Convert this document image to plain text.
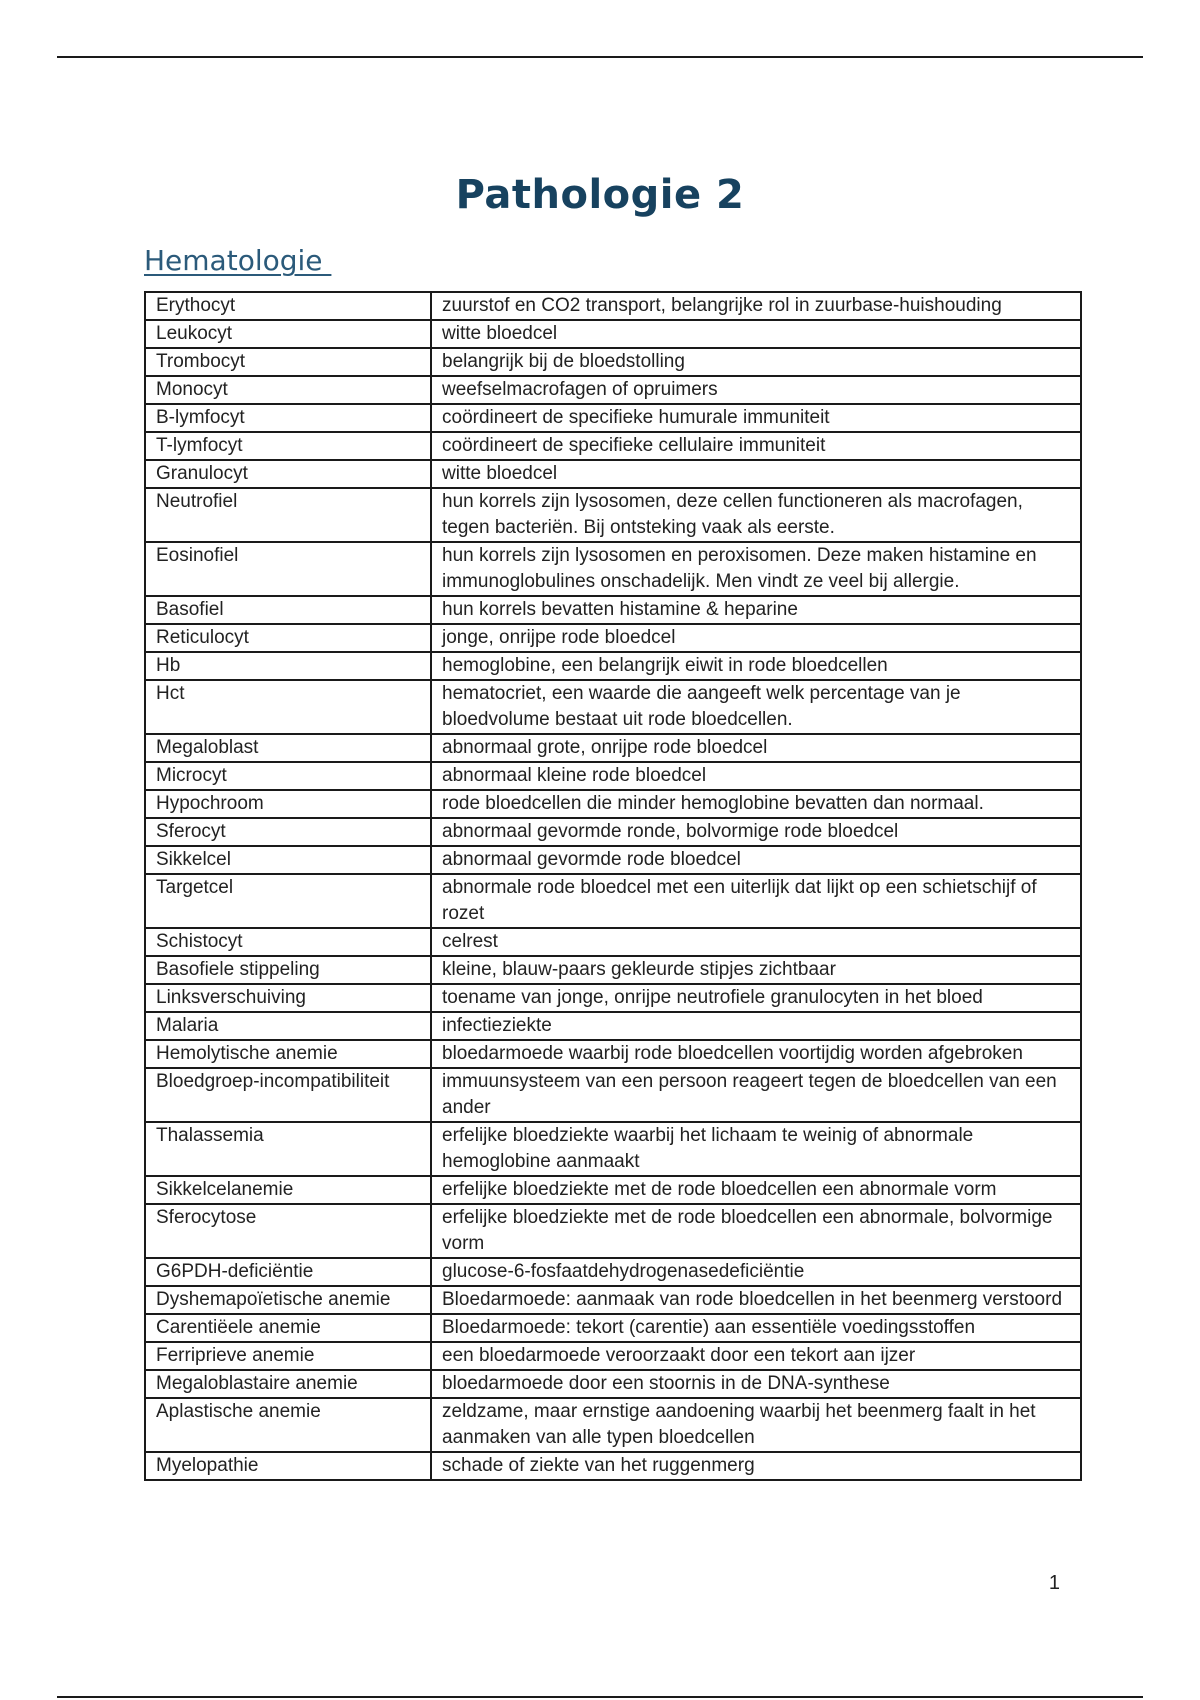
Pathologie 2
Hematologie
Erythocyt	zuurstof en CO2 transport, belangrijke rol in zuurbase-huishouding
Leukocyt	witte bloedcel
Trombocyt	belangrijk bij de bloedstolling
Monocyt	weefselmacrofagen of opruimers
B-lymfocyt	coördineert de specifieke humurale immuniteit
T-lymfocyt	coördineert de specifieke cellulaire immuniteit
Granulocyt	witte bloedcel
Neutrofiel	hun korrels zijn lysosomen, deze cellen functioneren als macrofagen, tegen bacteriën. Bij ontsteking vaak als eerste.
Eosinofiel	hun korrels zijn lysosomen en peroxisomen. Deze maken histamine en immunoglobulines onschadelijk. Men vindt ze veel bij allergie.
Basofiel	hun korrels bevatten histamine & heparine
Reticulocyt	jonge, onrijpe rode bloedcel
Hb	hemoglobine, een belangrijk eiwit in rode bloedcellen
Hct	hematocriet, een waarde die aangeeft welk percentage van je bloedvolume bestaat uit rode bloedcellen.
Megaloblast	abnormaal grote, onrijpe rode bloedcel
Microcyt	abnormaal kleine rode bloedcel
Hypochroom	rode bloedcellen die minder hemoglobine bevatten dan normaal.
Sferocyt	abnormaal gevormde ronde, bolvormige rode bloedcel
Sikkelcel	abnormaal gevormde rode bloedcel
Targetcel	abnormale rode bloedcel met een uiterlijk dat lijkt op een schietschijf of rozet
Schistocyt	celrest
Basofiele stippeling	kleine, blauw-paars gekleurde stipjes zichtbaar
Linksverschuiving	toename van jonge, onrijpe neutrofiele granulocyten in het bloed
Malaria	infectieziekte
Hemolytische anemie	bloedarmoede waarbij rode bloedcellen voortijdig worden afgebroken
Bloedgroep-incompatibiliteit	immuunsysteem van een persoon reageert tegen de bloedcellen van een ander
Thalassemia	erfelijke bloedziekte waarbij het lichaam te weinig of abnormale hemoglobine aanmaakt
Sikkelcelanemie	erfelijke bloedziekte met de rode bloedcellen een abnormale vorm
Sferocytose	erfelijke bloedziekte met de rode bloedcellen een abnormale, bolvormige vorm
G6PDH-deficiëntie	glucose-6-fosfaatdehydrogenasedeficiëntie
Dyshemapoïetische anemie	Bloedarmoede: aanmaak van rode bloedcellen in het beenmerg verstoord
Carentiëele anemie	Bloedarmoede: tekort (carentie) aan essentiële voedingsstoffen
Ferriprieve anemie	een bloedarmoede veroorzaakt door een tekort aan ijzer
Megaloblastaire anemie	bloedarmoede door een stoornis in de DNA-synthese
Aplastische anemie	zeldzame, maar ernstige aandoening waarbij het beenmerg faalt in het aanmaken van alle typen bloedcellen
Myelopathie	schade of ziekte van het ruggenmerg
1
